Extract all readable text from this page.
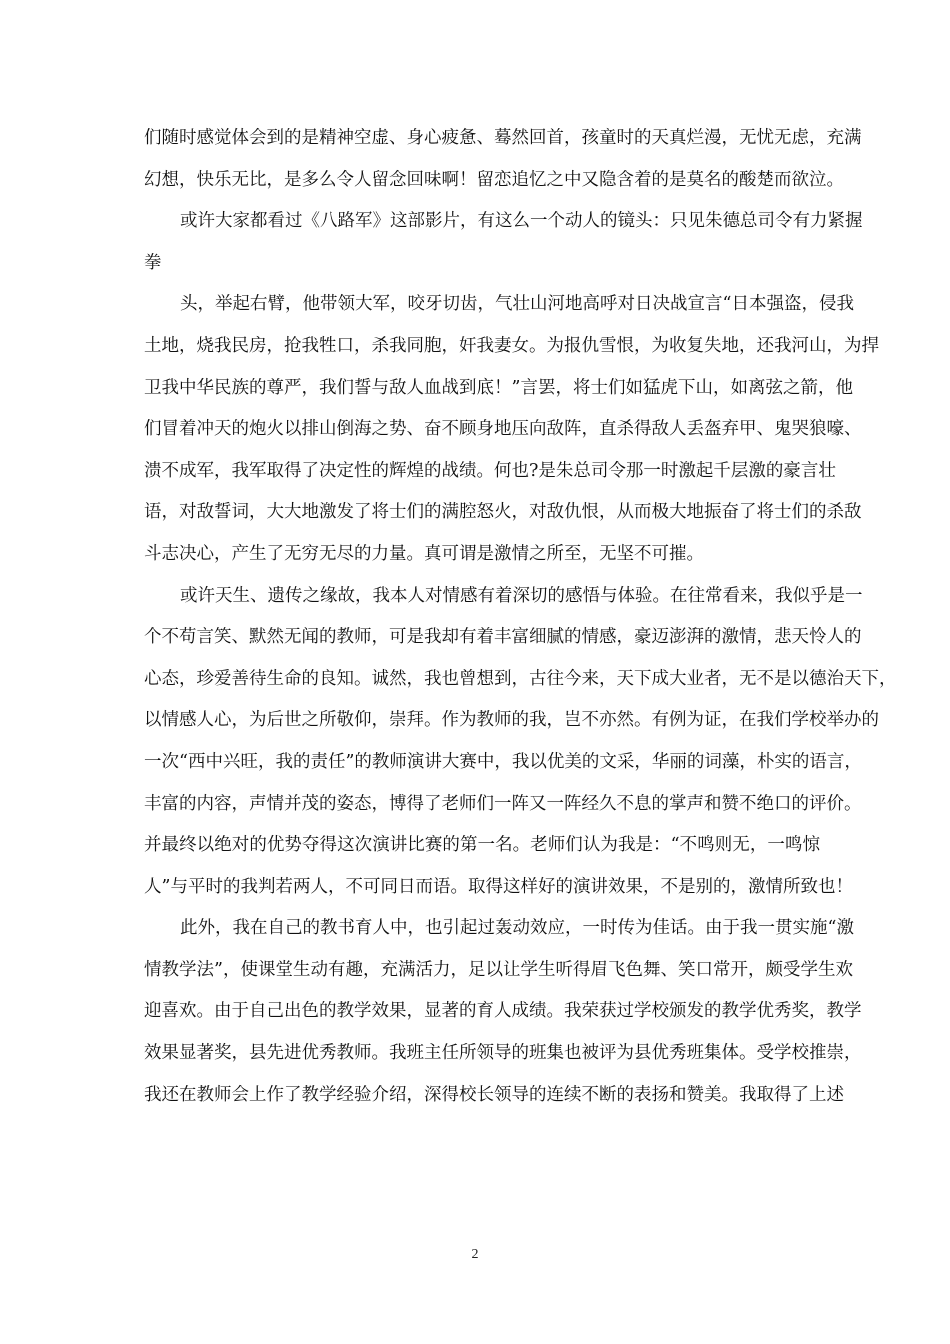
们随时感觉体会到的是精神空虚、身心疲惫、蓦然回首，孩童时的天真烂漫，无忧无虑，充满
幻想，快乐无比，是多么令人留念回味啊！留恋追忆之中又隐含着的是莫名的酸楚而欲泣。
或许大家都看过《八路军》这部影片，有这么一个动人的镜头：只见朱德总司令有力紧握
拳
头，举起右臂，他带领大军，咬牙切齿，气壮山河地高呼对日决战宣言“日本强盗，侵我
土地，烧我民房，抢我牲口，杀我同胞，奸我妻女。为报仇雪恨，为收复失地，还我河山，为捍
卫我中华民族的尊严，我们誓与敌人血战到底！”言罢，将士们如猛虎下山，如离弦之箭，他
们冒着冲天的炮火以排山倒海之势、奋不顾身地压向敌阵，直杀得敌人丢盔弃甲、鬼哭狼嚎、
溃不成军，我军取得了决定性的辉煌的战绩。何也?是朱总司令那一时激起千层激的豪言壮
语，对敌誓词，大大地激发了将士们的满腔怒火，对敌仇恨，从而极大地振奋了将士们的杀敌
斗志决心，产生了无穷无尽的力量。真可谓是激情之所至，无坚不可摧。
或许天生、遗传之缘故，我本人对情感有着深切的感悟与体验。在往常看来，我似乎是一
个不苟言笑、默然无闻的教师，可是我却有着丰富细腻的情感，豪迈澎湃的激情，悲天怜人的
心态，珍爱善待生命的良知。诚然，我也曾想到，古往今来，天下成大业者，无不是以德治天下，
以情感人心，为后世之所敬仰，崇拜。作为教师的我，岂不亦然。有例为证，在我们学校举办的
一次“西中兴旺，我的责任”的教师演讲大赛中，我以优美的文采，华丽的词藻，朴实的语言，
丰富的内容，声情并茂的姿态，博得了老师们一阵又一阵经久不息的掌声和赞不绝口的评价。
并最终以绝对的优势夺得这次演讲比赛的第一名。老师们认为我是：“不鸣则无，一鸣惊
人”与平时的我判若两人，不可同日而语。取得这样好的演讲效果，不是别的，激情所致也！
此外，我在自己的教书育人中，也引起过轰动效应，一时传为佳话。由于我一贯实施“激
情教学法”，使课堂生动有趣，充满活力，足以让学生听得眉飞色舞、笑口常开，颇受学生欢
迎喜欢。由于自己出色的教学效果，显著的育人成绩。我荣获过学校颁发的教学优秀奖，教学
效果显著奖，县先进优秀教师。我班主任所领导的班集也被评为县优秀班集体。受学校推崇，
我还在教师会上作了教学经验介绍，深得校长领导的连续不断的表扬和赞美。我取得了上述
2
